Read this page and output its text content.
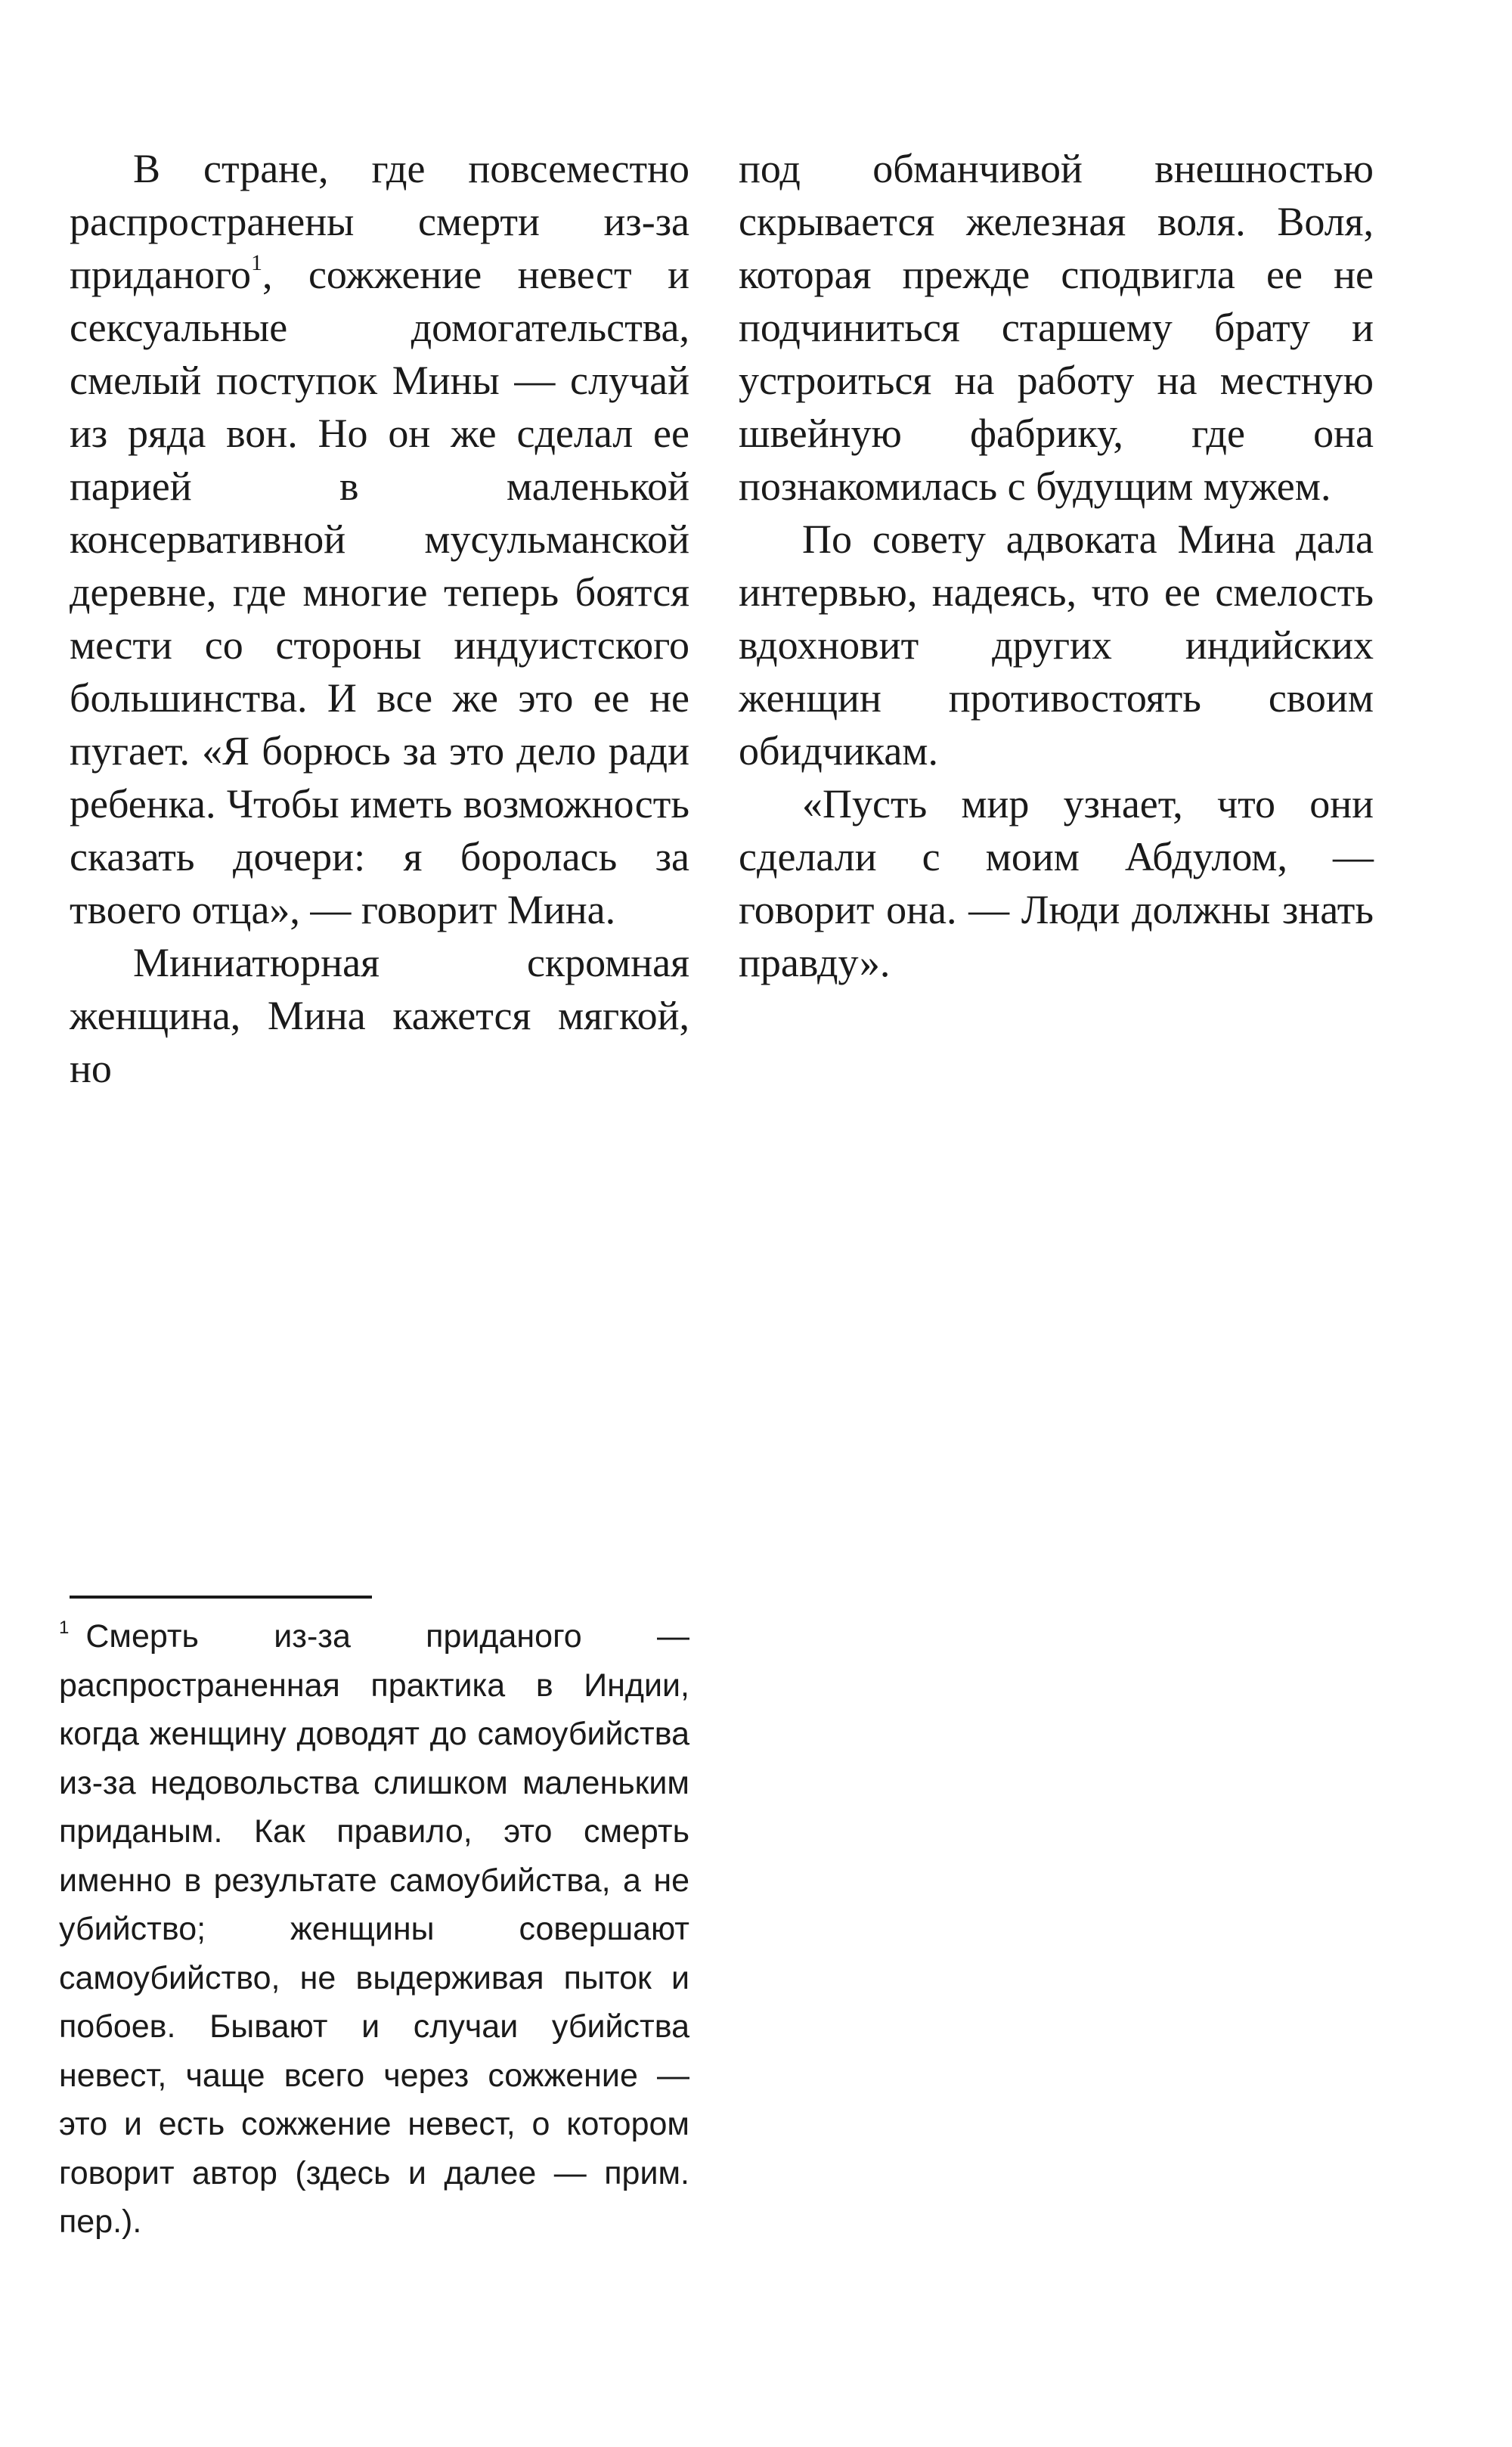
В стране, где повсеместно распространены смерти из-за приданого$^1$, сожжение невест и сексуальные домогательства, смелый поступок Мины — случай из ряда вон. Но он же сделал ее парией в маленькой консервативной мусульманской деревне, где многие теперь боятся мести со стороны индуистского большинства. И все же это ее не пугает. «Я борюсь за это дело ради ребенка. Чтобы иметь возможность сказать дочери: я боролась за твоего отца», — говорит Мина.

Миниатюрная скромная женщина, Мина кажется мягкой, но

под обманчивой внешностью скрывается железная воля. Воля, которая прежде сподвигла ее не подчиниться старшему брату и устроиться на работу на местную швейную фабрику, где она познакомилась с будущим мужем.

По совету адвоката Мина дала интервью, надеясь, что ее смелость вдохновит других индийских женщин противостоять своим обидчикам.

«Пусть мир узнает, что они сделали с моим Абдулом, — говорит она. — Люди должны знать правду».

$^1$ Смерть из-за приданого — распространенная практика в Индии, когда женщину доводят до самоубийства из-за недовольства слишком маленьким приданым. Как правило, это смерть именно в результате самоубийства, а не убийство; женщины совершают самоубийство, не выдерживая пыток и побоев. Бывают и случаи убийства невест, чаще всего через сожжение — это и есть сожжение невест, о котором говорит автор (здесь и далее — прим. пер.).
